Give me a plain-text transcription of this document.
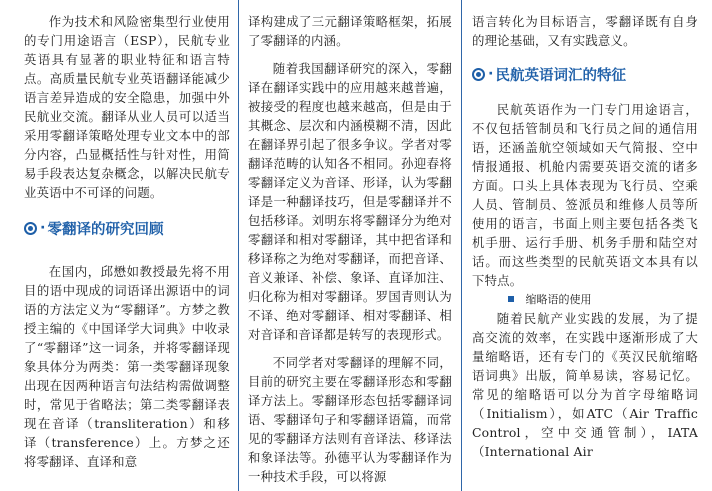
作为技术和风险密集型行业使用的专门用途语言（ESP），民航专业英语具有显著的职业特征和语言特点。高质量民航专业英语翻译能减少语言差异造成的安全隐患，加强中外民航业交流。翻译从业人员可以适当采用零翻译策略处理专业文本中的部分内容，凸显概括性与针对性，用简易手段表达复杂概念，以解决民航专业英语中不可译的问题。

· 零翻译的研究回顾

在国内，邱懋如教授最先将不用目的语中现成的词语译出源语中的词语的方法定义为“零翻译”。方梦之教授主编的《中国译学大词典》中收录了“零翻译”这一词条，并将零翻译现象具体分为两类：第一类零翻译现象出现在因两种语言句法结构需做调整时，常见于省略法；第二类零翻译表现在音译（transliteration）和移译（transference）上。方梦之还将零翻译、直译和意

译构建成了三元翻译策略框架，拓展了零翻译的内涵。

随着我国翻译研究的深入，零翻译在翻译实践中的应用越来越普遍，被接受的程度也越来越高，但是由于其概念、层次和内涵模糊不清，因此在翻译界引起了很多争议。学者对零翻译范畴的认知各不相同。孙迎春将零翻译定义为音译、形译，认为零翻译是一种翻译技巧，但是零翻译并不包括移译。刘明东将零翻译分为绝对零翻译和相对零翻译，其中把省译和移译称之为绝对零翻译，而把音译、音义兼译、补偿、象译、直译加注、归化称为相对零翻译。罗国青则认为不译、绝对零翻译、相对零翻译、相对音译和音译都是转写的表现形式。

不同学者对零翻译的理解不同，目前的研究主要在零翻译形态和零翻译方法上。零翻译形态包括零翻译词语、零翻译句子和零翻译语篇，而常见的零翻译方法则有音译法、移译法和象译法等。孙德平认为零翻译作为一种技术手段，可以将源

语言转化为目标语言，零翻译既有自身的理论基础，又有实践意义。

· 民航英语词汇的特征

民航英语作为一门专门用途语言，不仅包括管制员和飞行员之间的通信用语，还涵盖航空领域如天气简报、空中情报通报、机舱内需要英语交流的诸多方面。口头上具体表现为飞行员、空乘人员、管制员、签派员和维修人员等所使用的语言，书面上则主要包括各类飞机手册、运行手册、机务手册和陆空对话。而这些类型的民航英语文本具有以下特点。

缩略语的使用

随着民航产业实践的发展，为了提高交流的效率，在实践中逐渐形成了大量缩略语，还有专门的《英汉民航缩略语词典》出版，简单易读，容易记忆。常见的缩略语可以分为首字母缩略词（Initialism），如ATC（Air Traffic Control，空中交通管制），IATA（International Air
